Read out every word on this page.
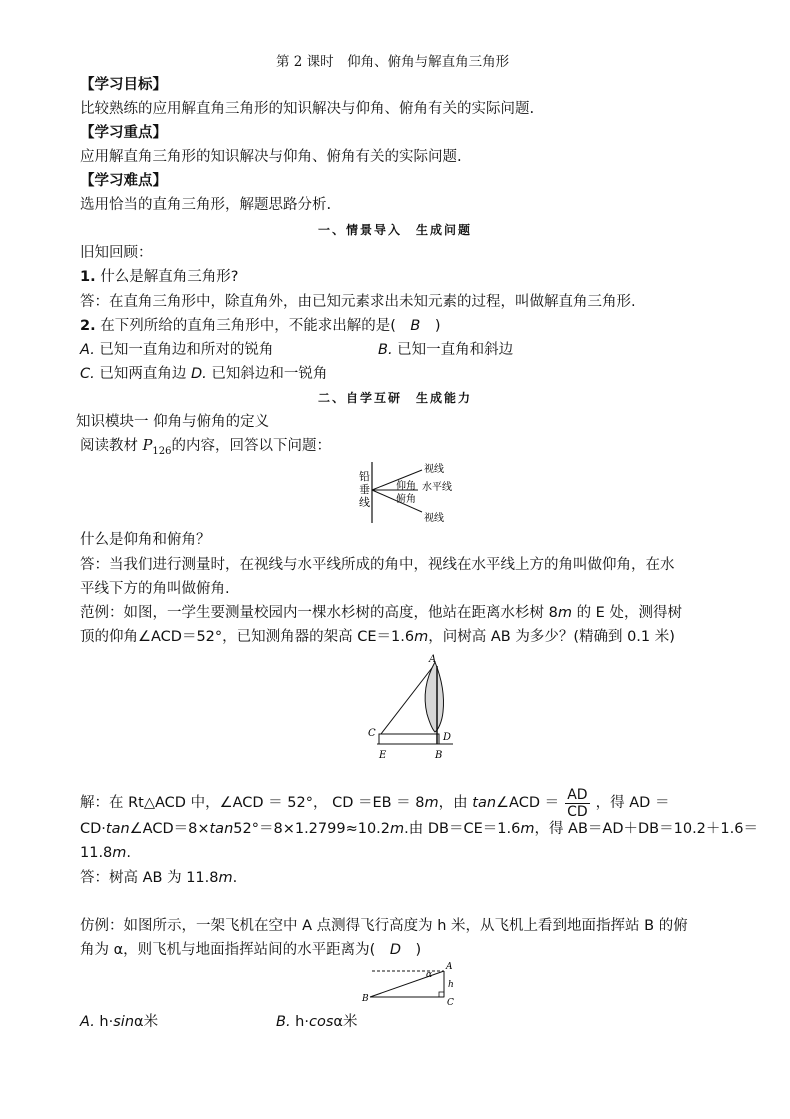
第 2 课时　仰角、俯角与解直角三角形
【学习目标】
比较熟练的应用解直角三角形的知识解决与仰角、俯角有关的实际问题.
【学习重点】
应用解直角三角形的知识解决与仰角、俯角有关的实际问题.
【学习难点】
选用恰当的直角三角形，解题思路分析.
一、情景导入　生成问题
旧知回顾：
1. 什么是解直角三角形?
答：在直角三角形中，除直角外，由已知元素求出未知元素的过程，叫做解直角三角形.
2. 在下列所给的直角三角形中，不能求出解的是(　B　)
A. 已知一直角边和所对的锐角	B. 已知一直角和斜边
C. 已知两直角边 D. 已知斜边和一锐角
二、自学互研　生成能力
知识模块一 仰角与俯角的定义
阅读教材 $P_{126}$的内容，回答以下问题：
铅
垂
线
视线
仰角 水平线
俯角
视线
什么是仰角和俯角？
答：当我们进行测量时，在视线与水平线所成的角中，视线在水平线上方的角叫做仰角，在水
平线下方的角叫做俯角.
范例：如图，一学生要测量校园内一棵水杉树的高度，他站在距离水杉树 8m 的 E 处，测得树
顶的仰角∠ACD＝52°，已知测角器的架高 CE＝1.6m，问树高 AB 为多少？(精确到 0.1 米)
A
C	D
E	B
解：在 Rt△ACD 中，∠ACD ＝ 52°， CD ＝EB ＝ 8m，由 tan∠ACD ＝ $\frac{AD}{CD}$ ，得 AD ＝
CD·tan∠ACD＝8×tan52°＝8×1.2799≈10.2m.由 DB＝CE＝1.6m，得 AB＝AD＋DB＝10.2＋1.6＝
11.8m.
答：树高 AB 为 11.8m.
仿例：如图所示，一架飞机在空中 A 点测得飞行高度为 h 米，从飞机上看到地面指挥站 B 的俯
角为 α，则飞机与地面指挥站间的水平距离为(　D　)
A
α
h
B	C
A. h·sinα米	B. h·cosα米
